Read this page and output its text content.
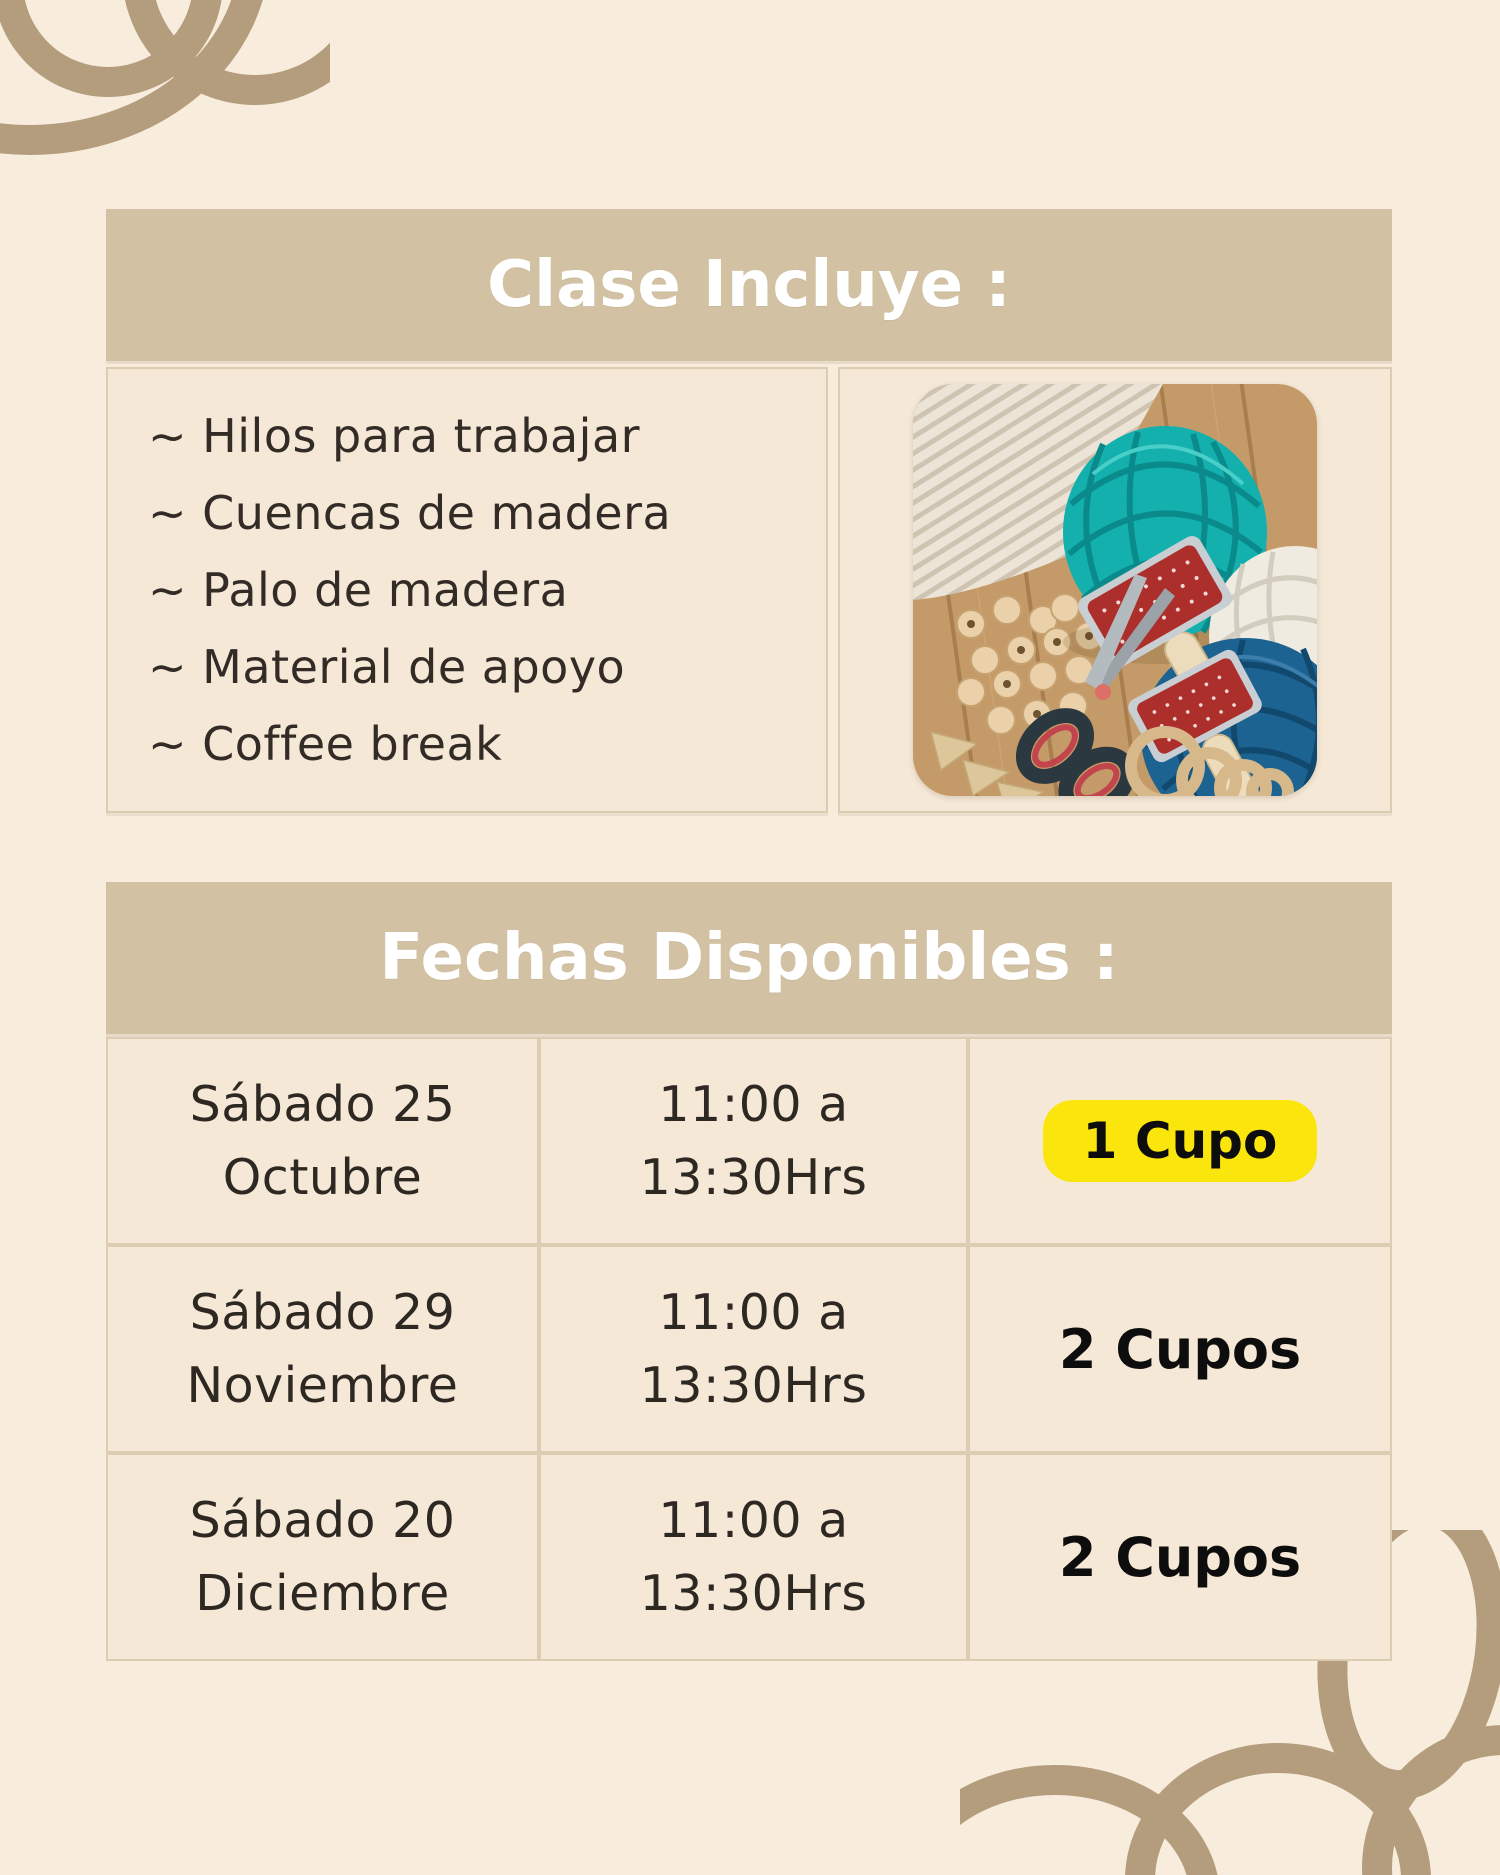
Clase Incluye :
~ Hilos para trabajar
~ Cuencas de madera
~ Palo de madera
~ Material de apoyo
~ Coffee break
Fechas Disponibles :
Sábado 25
Octubre
11:00 a
13:30Hrs
1 Cupo
Sábado 29
Noviembre
11:00 a
13:30Hrs
2 Cupos
Sábado 20
Diciembre
11:00 a
13:30Hrs
2 Cupos
